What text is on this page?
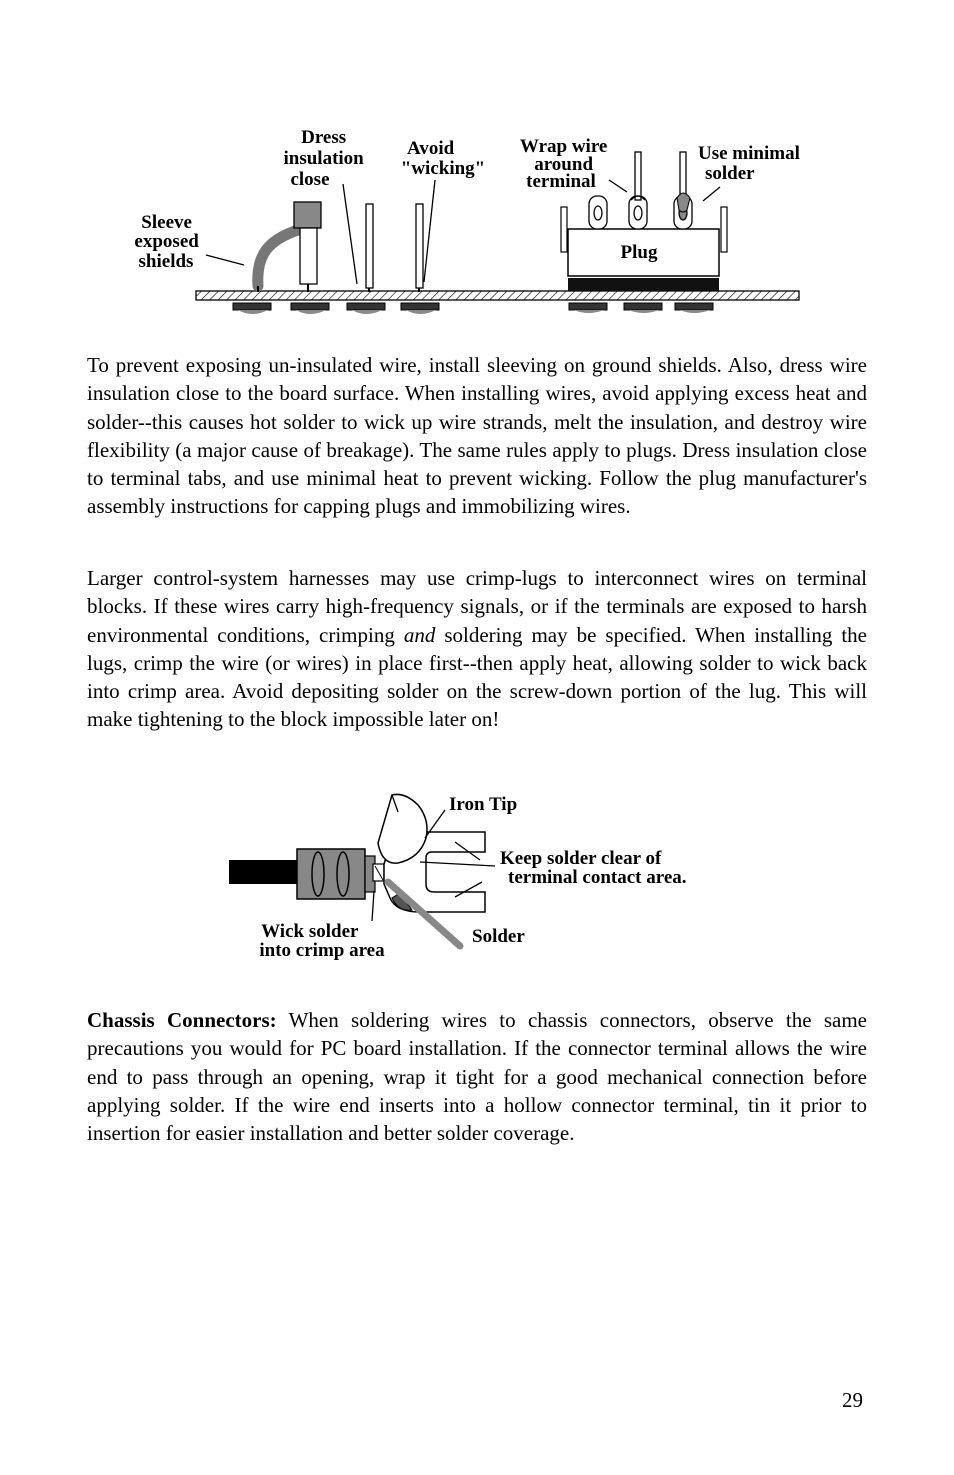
Dress insulation close
Avoid "wicking"
Wrap wire around terminal
Use minimal solder
Sleeve exposed shields	Plug

To prevent exposing un-insulated wire, install sleeving on ground shields. Also, dress wire insulation close to the board surface. When installing wires, avoid applying excess heat and solder--this causes hot solder to wick up wire strands, melt the insulation, and destroy wire flexibility (a major cause of breakage). The same rules apply to plugs. Dress insulation close to terminal tabs, and use minimal heat to prevent wicking. Follow the plug manufacturer's assembly instructions for capping plugs and immobilizing wires.

Larger control-system harnesses may use crimp-lugs to interconnect wires on terminal blocks. If these wires carry high-frequency signals, or if the terminals are exposed to harsh environmental conditions, crimping and soldering may be specified. When installing the lugs, crimp the wire (or wires) in place first--then apply heat, allowing solder to wick back into crimp area. Avoid depositing solder on the screw-down portion of the lug. This will make tightening to the block impossible later on!

Iron Tip
Keep solder clear of terminal contact area.
Wick solder into crimp area
Solder

Chassis Connectors: When soldering wires to chassis connectors, observe the same precautions you would for PC board installation. If the connector terminal allows the wire end to pass through an opening, wrap it tight for a good mechanical connection before applying solder. If the wire end inserts into a hollow connector terminal, tin it prior to insertion for easier installation and better solder coverage.

29
